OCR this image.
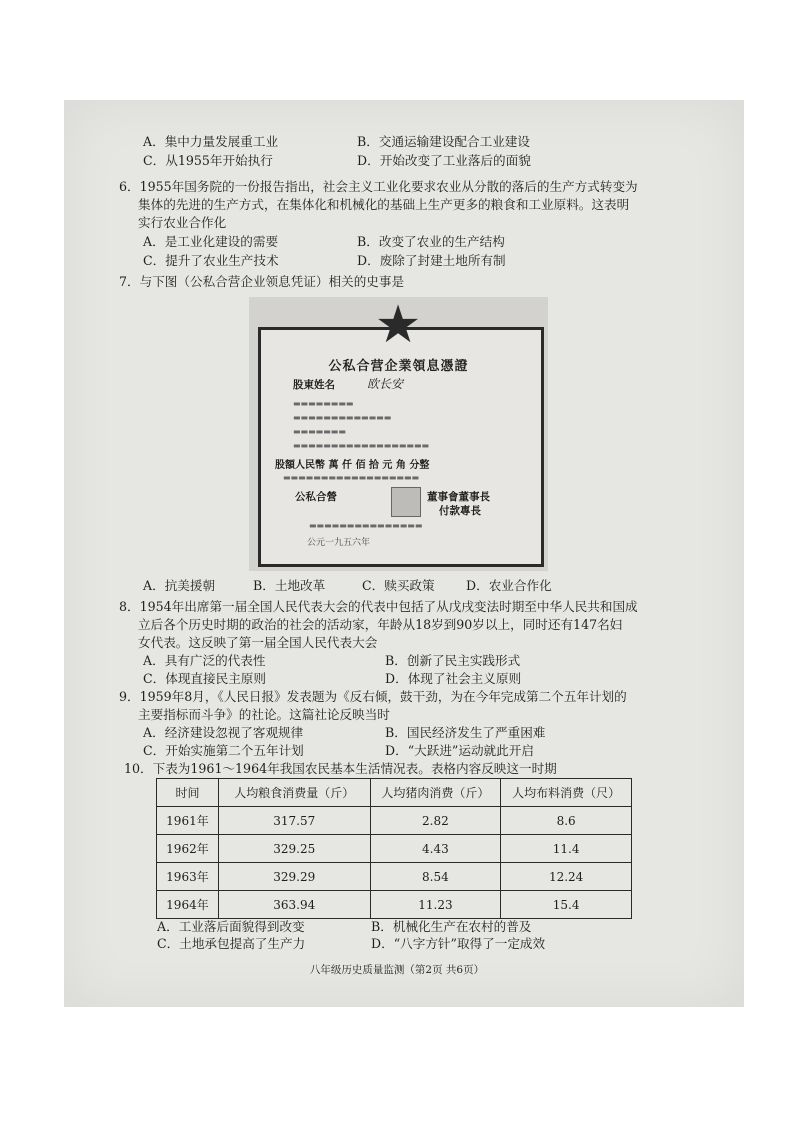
A．集中力量发展重工业	B．交通运输建设配合工业建设
C．从1955年开始执行	D．开始改变了工业落后的面貌
6．1955年国务院的一份报告指出，社会主义工业化要求农业从分散的落后的生产方式转变为
集体的先进的生产方式，在集体化和机械化的基础上生产更多的粮食和工业原料。这表明
实行农业合作化
A．是工业化建设的需要	B．改变了农业的生产结构
C．提升了农业生产技术	D．废除了封建土地所有制
7．与下图（公私合营企业领息凭证）相关的史事是
★
公私合营企業領息憑證
股東姓名	欧长安
▬▬▬▬▬▬▬▬
▬▬▬▬▬▬▬▬▬▬▬▬▬
▬▬▬▬▬▬▬
▬▬▬▬▬▬▬▬▬▬▬▬▬▬▬▬▬▬
股額人民幣 萬 仟 佰 拾 元 角 分整
▬▬▬▬▬▬▬▬▬▬▬▬▬▬▬▬▬▬
公私合營	董事會董事長
付款專長
▬▬▬▬▬▬▬▬▬▬▬▬▬▬▬
公元一九五六年
A．抗美援朝	B．土地改革	C．赎买政策 D．农业合作化
8．1954年出席第一届全国人民代表大会的代表中包括了从戊戌变法时期至中华人民共和国成
立后各个历史时期的政治的社会的活动家，年龄从18岁到90岁以上，同时还有147名妇
女代表。这反映了第一届全国人民代表大会
A．具有广泛的代表性	B．创新了民主实践形式
C．体现直接民主原则	D．体现了社会主义原则
9．1959年8月，《人民日报》发表题为《反右倾，鼓干劲，为在今年完成第二个五年计划的
主要指标而斗争》的社论。这篇社论反映当时
A．经济建设忽视了客观规律	B．国民经济发生了严重困难
C．开始实施第二个五年计划	D．“大跃进”运动就此开启
10．下表为1961～1964年我国农民基本生活情况表。表格内容反映这一时期
时间	人均粮食消费量（斤）	人均猪肉消费（斤）	人均布料消费（尺）
1961年	317.57	2.82	8.6
1962年	329.25	4.43	11.4
1963年	329.29	8.54	12.24
1964年	363.94	11.23	15.4
A．工业落后面貌得到改变	B．机械化生产在农村的普及
C．土地承包提高了生产力	D．“八字方针”取得了一定成效
八年级历史质量监测（第2页 共6页）
